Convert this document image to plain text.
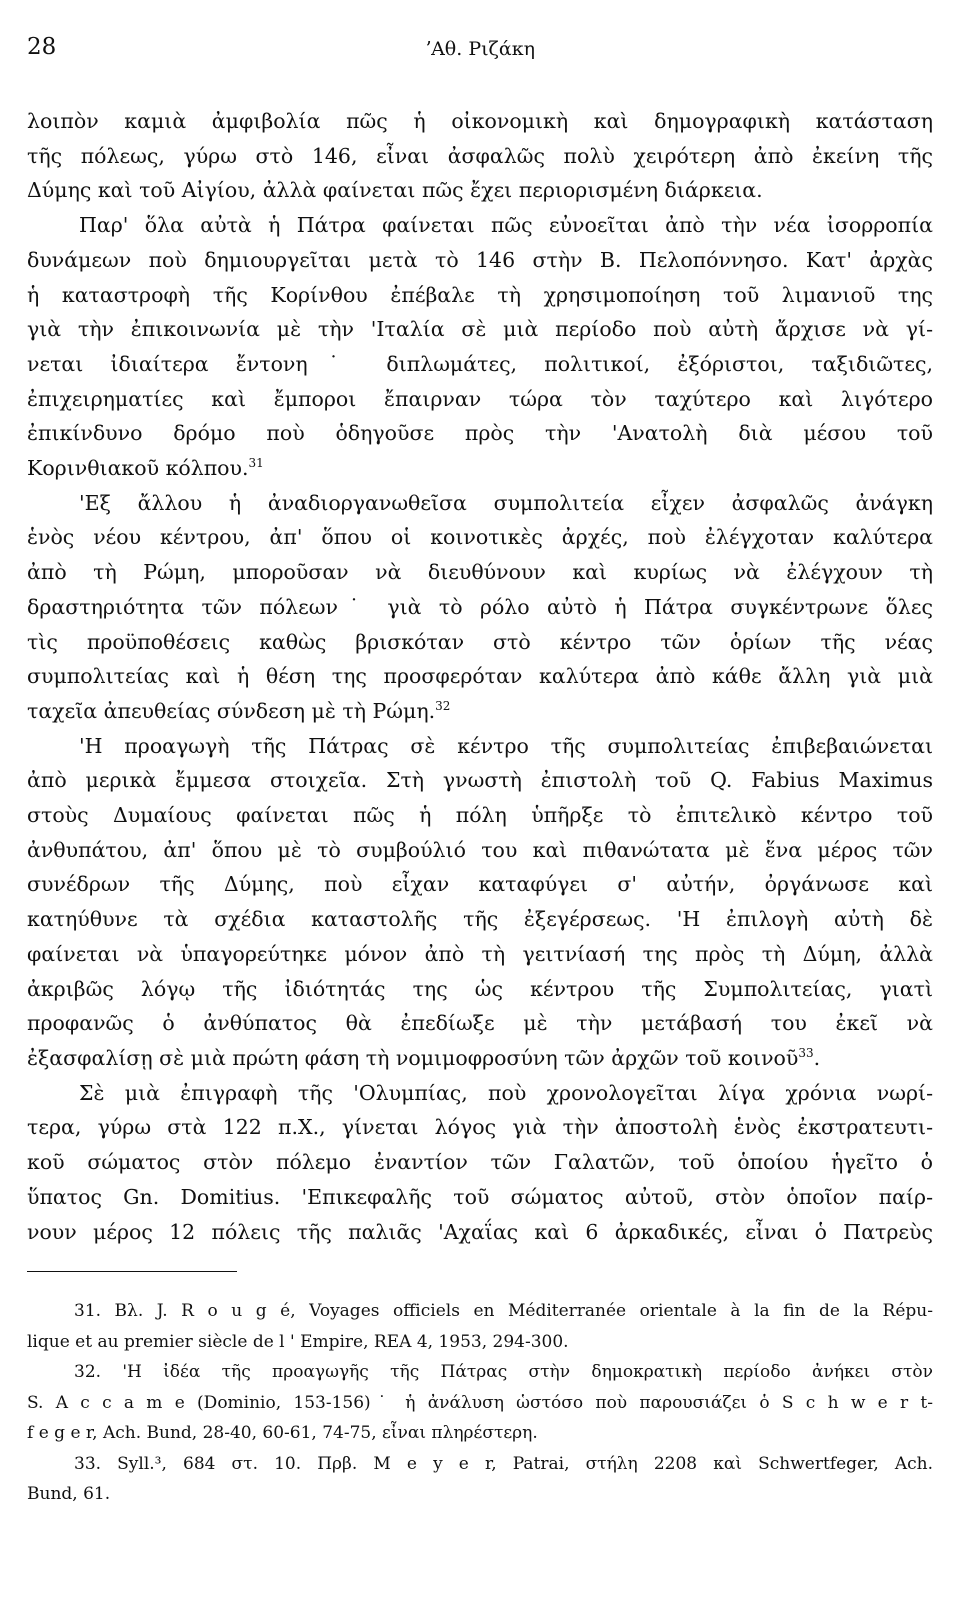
28	ʼΑθ. Ριζάκη
λοιπὸν καμιὰ ἀμφιβολία πῶς ἡ οἰκονομικὴ καὶ δημογραφικὴ κατάσταση
τῆς πόλεως, γύρω στὸ 146, εἶναι ἀσφαλῶς πολὺ χειρότερη ἀπὸ ἐκείνη τῆς
Δύμης καὶ τοῦ Αἰγίου, ἀλλὰ φαίνεται πῶς ἔχει περιορισμένη διάρκεια.
Παρ' ὅλα αὐτὰ ἡ Πάτρα φαίνεται πῶς εὐνοεῖται ἀπὸ τὴν νέα ἰσορροπία
δυνάμεων ποὺ δημιουργεῖται μετὰ τὸ 146 στὴν Β. Πελοπόννησο. Κατ' ἀρχὰς
ἡ καταστροφὴ τῆς Κορίνθου ἐπέβαλε τὴ χρησιμοποίηση τοῦ λιμανιοῦ της
γιὰ τὴν ἐπικοινωνία μὲ τὴν 'Ιταλία σὲ μιὰ περίοδο ποὺ αὐτὴ ἄρχισε νὰ γί-
νεται ἰδιαίτερα ἔντονη˙ διπλωμάτες, πολιτικοί, ἐξόριστοι, ταξιδιῶτες,
ἐπιχειρηματίες καὶ ἔμποροι ἔπαιρναν τώρα τὸν ταχύτερο καὶ λιγότερο
ἐπικίνδυνο δρόμο ποὺ ὁδηγοῦσε πρὸς τὴν 'Ανατολὴ διὰ μέσου τοῦ
Κορινθιακοῦ κόλπου.$^{31}$
'Εξ ἄλλου ἡ ἀναδιοργανωθεῖσα συμπολιτεία εἶχεν ἀσφαλῶς ἀνάγκη
ἑνὸς νέου κέντρου, ἀπ' ὅπου οἱ κοινοτικὲς ἀρχές, ποὺ ἐλέγχοταν καλύτερα
ἀπὸ τὴ Ρώμη, μποροῦσαν νὰ διευθύνουν καὶ κυρίως νὰ ἐλέγχουν τὴ
δραστηριότητα τῶν πόλεων˙ γιὰ τὸ ρόλο αὐτὸ ἡ Πάτρα συγκέντρωνε ὅλες
τὶς προϋποθέσεις καθὼς βρισκόταν στὸ κέντρο τῶν ὁρίων τῆς νέας
συμπολιτείας καὶ ἡ θέση της προσφερόταν καλύτερα ἀπὸ κάθε ἄλλη γιὰ μιὰ
ταχεῖα ἀπευθείας σύνδεση μὲ τὴ Ρώμη.$^{32}$
'Η προαγωγὴ τῆς Πάτρας σὲ κέντρο τῆς συμπολιτείας ἐπιβεβαιώνεται
ἀπὸ μερικὰ ἔμμεσα στοιχεῖα. Στὴ γνωστὴ ἐπιστολὴ τοῦ Q. Fabius Maximus
στοὺς Δυμαίους φαίνεται πῶς ἡ πόλη ὑπῆρξε τὸ ἐπιτελικὸ κέντρο τοῦ
ἀνθυπάτου, ἀπ' ὅπου μὲ τὸ συμβούλιό του καὶ πιθανώτατα μὲ ἕνα μέρος τῶν
συνέδρων τῆς Δύμης, ποὺ εἶχαν καταφύγει σ' αὐτήν, ὀργάνωσε καὶ
κατηύθυνε τὰ σχέδια καταστολῆς τῆς ἐξεγέρσεως. 'Η ἐπιλογὴ αὐτὴ δὲ
φαίνεται νὰ ὑπαγορεύτηκε μόνον ἀπὸ τὴ γειτνίασή της πρὸς τὴ Δύμη, ἀλλὰ
ἀκριβῶς λόγῳ τῆς ἰδιότητάς της ὡς κέντρου τῆς Συμπολιτείας, γιατὶ
προφανῶς ὁ ἀνθύπατος θὰ ἐπεδίωξε μὲ τὴν μετάβασή του ἐκεῖ νὰ
ἐξασφαλίσῃ σὲ μιὰ πρώτη φάση τὴ νομιμοφροσύνη τῶν ἀρχῶν τοῦ κοινοῦ$^{33}$.
Σὲ μιὰ ἐπιγραφὴ τῆς 'Ολυμπίας, ποὺ χρονολογεῖται λίγα χρόνια νωρί-
τερα, γύρω στὰ 122 π.Χ., γίνεται λόγος γιὰ τὴν ἀποστολὴ ἑνὸς ἐκστρατευτι-
κοῦ σώματος στὸν πόλεμο ἐναντίον τῶν Γαλατῶν, τοῦ ὁποίου ἡγεῖτο ὁ
ὕπατος Gn. Domitius. 'Επικεφαλῆς τοῦ σώματος αὐτοῦ, στὸν ὁποῖον παίρ-
νουν μέρος 12 πόλεις τῆς παλιᾶς 'Αχαΐας καὶ 6 ἀρκαδικές, εἶναι ὁ Πατρεὺς
31. Βλ. J. R o u g é, Voyages officiels en Méditerranée orientale à la fin de la Répu-
lique et au premier siècle de l ' Empire, REA 4, 1953, 294-300.
32. 'Η ἰδέα τῆς προαγωγῆς τῆς Πάτρας στὴν δημοκρατικὴ περίοδο ἀνήκει στὸν
S. A c c a m e (Dominio, 153-156)˙ ἡ ἀνάλυση ὡστόσο ποὺ παρουσιάζει ὁ S c h w e r t-
f e g e r, Ach. Bund, 28-40, 60-61, 74-75, εἶναι πληρέστερη.
33. Syll.³, 684 στ. 10. Πρβ. M e y e r, Patrai, στήλη 2208 καὶ Schwertfeger, Ach.
Bund, 61.
